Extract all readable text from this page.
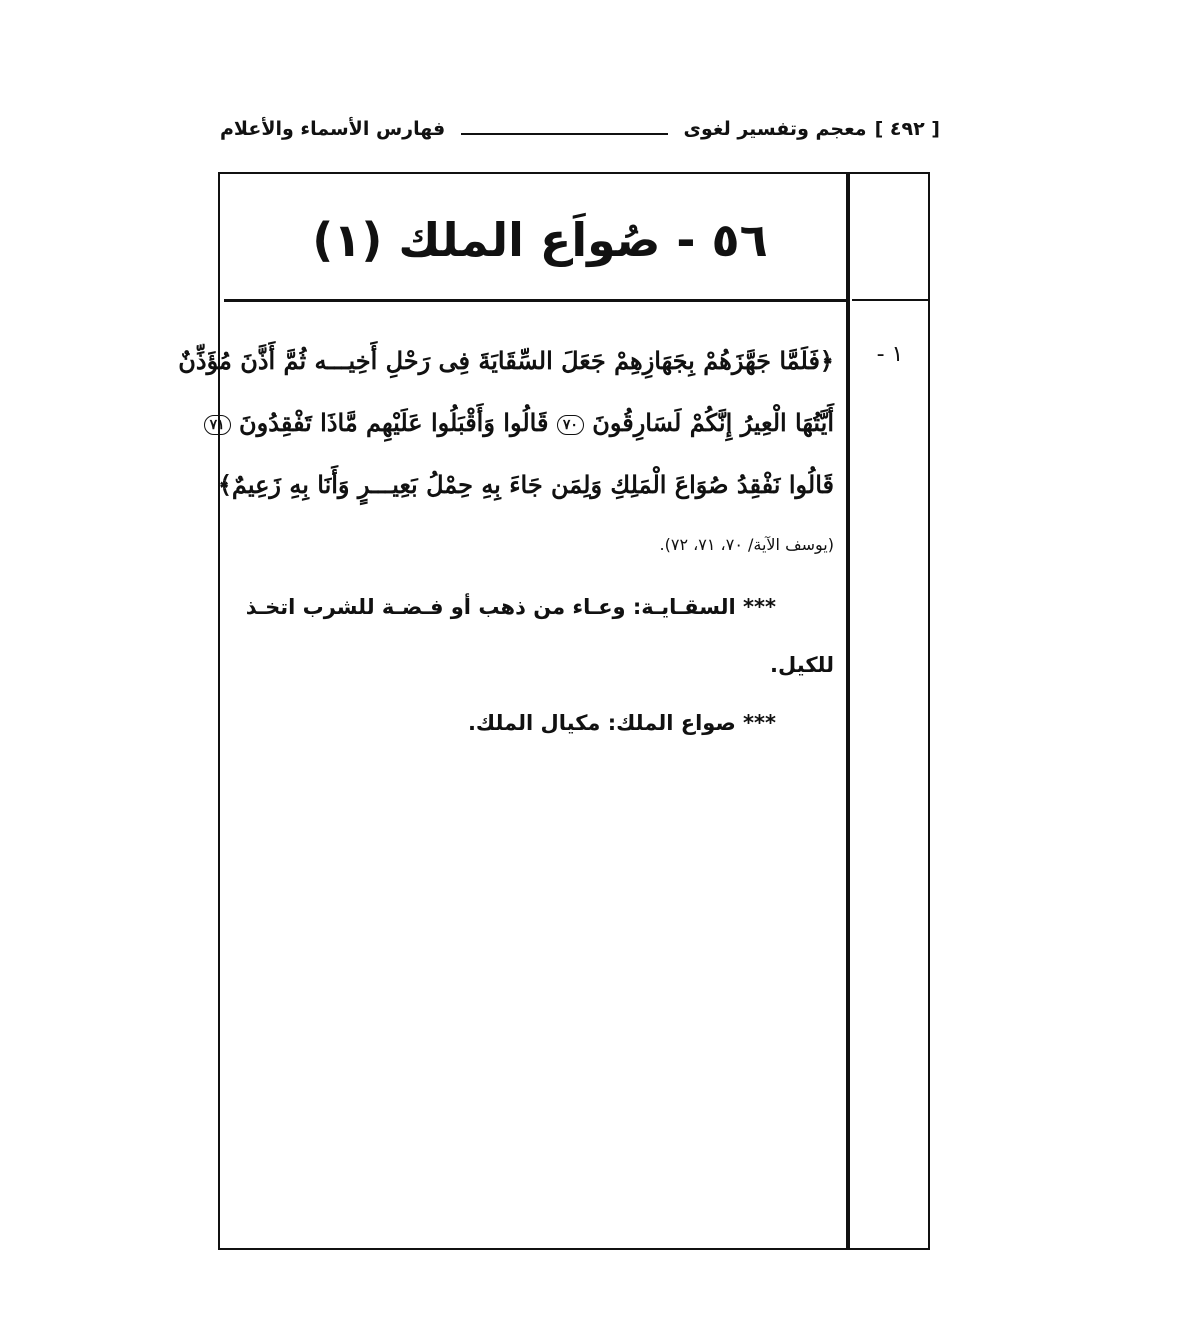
[ ٤٩٢ ]
معجم وتفسير لغوى
فهارس الأسماء والأعلام
٥٦ - صُواَع الملك (١)
١ -
﴿فَلَمَّا جَهَّزَهُمْ بِجَهَازِهِمْ جَعَلَ السِّقَايَةَ فِى رَحْلِ أَخِيـــه ثُمَّ أَذَّنَ مُؤَذِّنٌ
أَيَّتُهَا الْعِيرُ إِنَّكُمْ لَسَارِقُونَ ٧٠ قَالُوا وَأَقْبَلُوا عَلَيْهِم مَّاذَا تَفْقِدُونَ ٧١
قَالُوا نَفْقِدُ صُوَاعَ الْمَلِكِ وَلِمَن جَاءَ بِهِ حِمْلُ بَعِيـــرٍ وَأَنَا بِهِ زَعِيمٌ﴾
(يوسف الآية/ ٧٠، ٧١، ٧٢).
*** السقـايـة: وعـاء من ذهب أو فـضـة للشرب اتخـذ
للكيل.
*** صواع الملك: مكيال الملك.
